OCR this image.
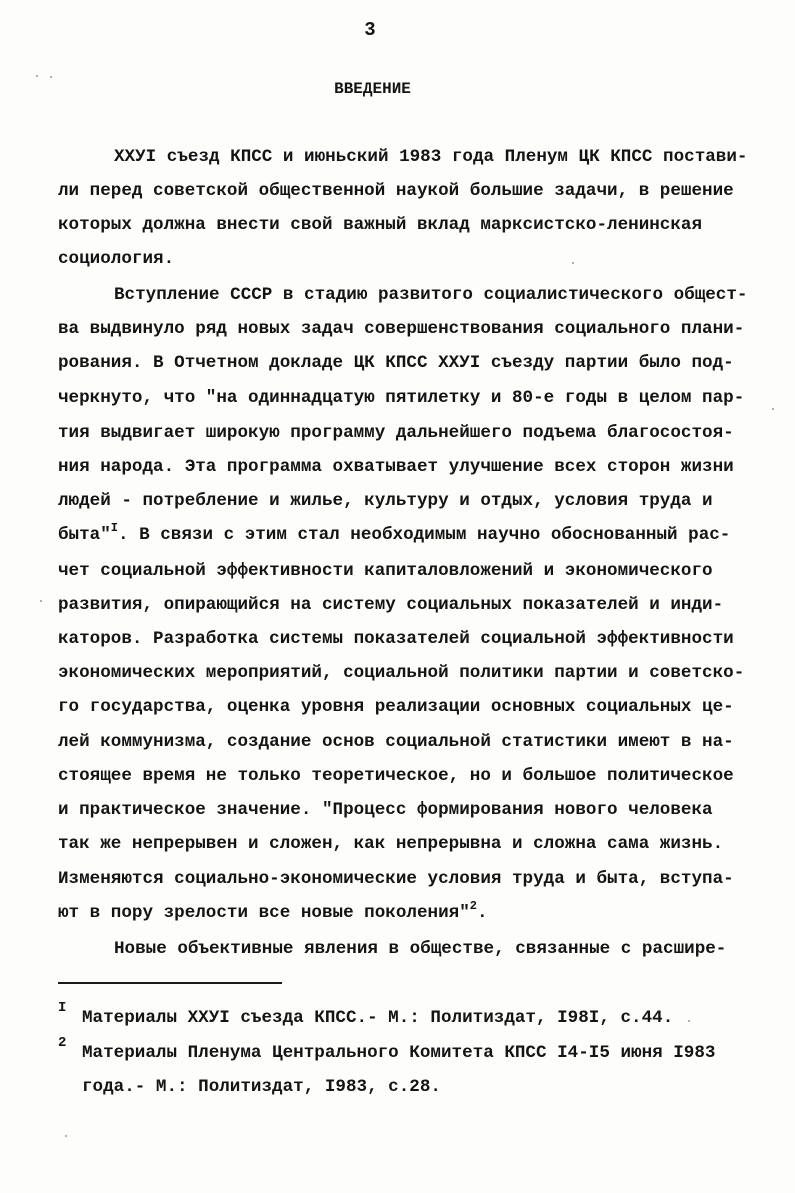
3
ВВЕДЕНИЕ
ХХУI съезд КПСС и июньский 1983 года Пленум ЦК КПСС постави-
ли перед советской общественной наукой большие задачи, в решение
которых должна внести свой важный вклад марксистско-ленинская
социология.
Вступление СССР в стадию развитого социалистического общест-
ва выдвинуло ряд новых задач совершенствования социального плани-
рования. В Отчетном докладе ЦК КПСС ХХУI съезду партии было под-
черкнуто, что "на одиннадцатую пятилетку и 80-е годы в целом пар-
тия выдвигает широкую программу дальнейшего подъема благосостоя-
ния народа. Эта программа охватывает улучшение всех сторон жизни
людей - потребление и жилье, культуру и отдых, условия труда и
быта"$^I$. В связи с этим стал необходимым научно обоснованный рас-
чет социальной эффективности капиталовложений и экономического
развития, опирающийся на систему социальных показателей и инди-
каторов. Разработка системы показателей социальной эффективности
экономических мероприятий, социальной политики партии и советско-
го государства, оценка уровня реализации основных социальных це-
лей коммунизма, создание основ социальной статистики имеют в на-
стоящее время не только теоретическое, но и большое политическое
и практическое значение. "Процесс формирования нового человека
так же непрерывен и сложен, как непрерывна и сложна сама жизнь.
Изменяются социально-экономические условия труда и быта, вступа-
ют в пору зрелости все новые поколения"$^2$.
Новые объективные явления в обществе, связанные с расшире-
I Материалы ХХУI съезда КПСС.- М.: Политиздат, I98I, с.44.
2 Материалы Пленума Центрального Комитета КПСС I4-I5 июня I983
года.- М.: Политиздат, I983, с.28.
